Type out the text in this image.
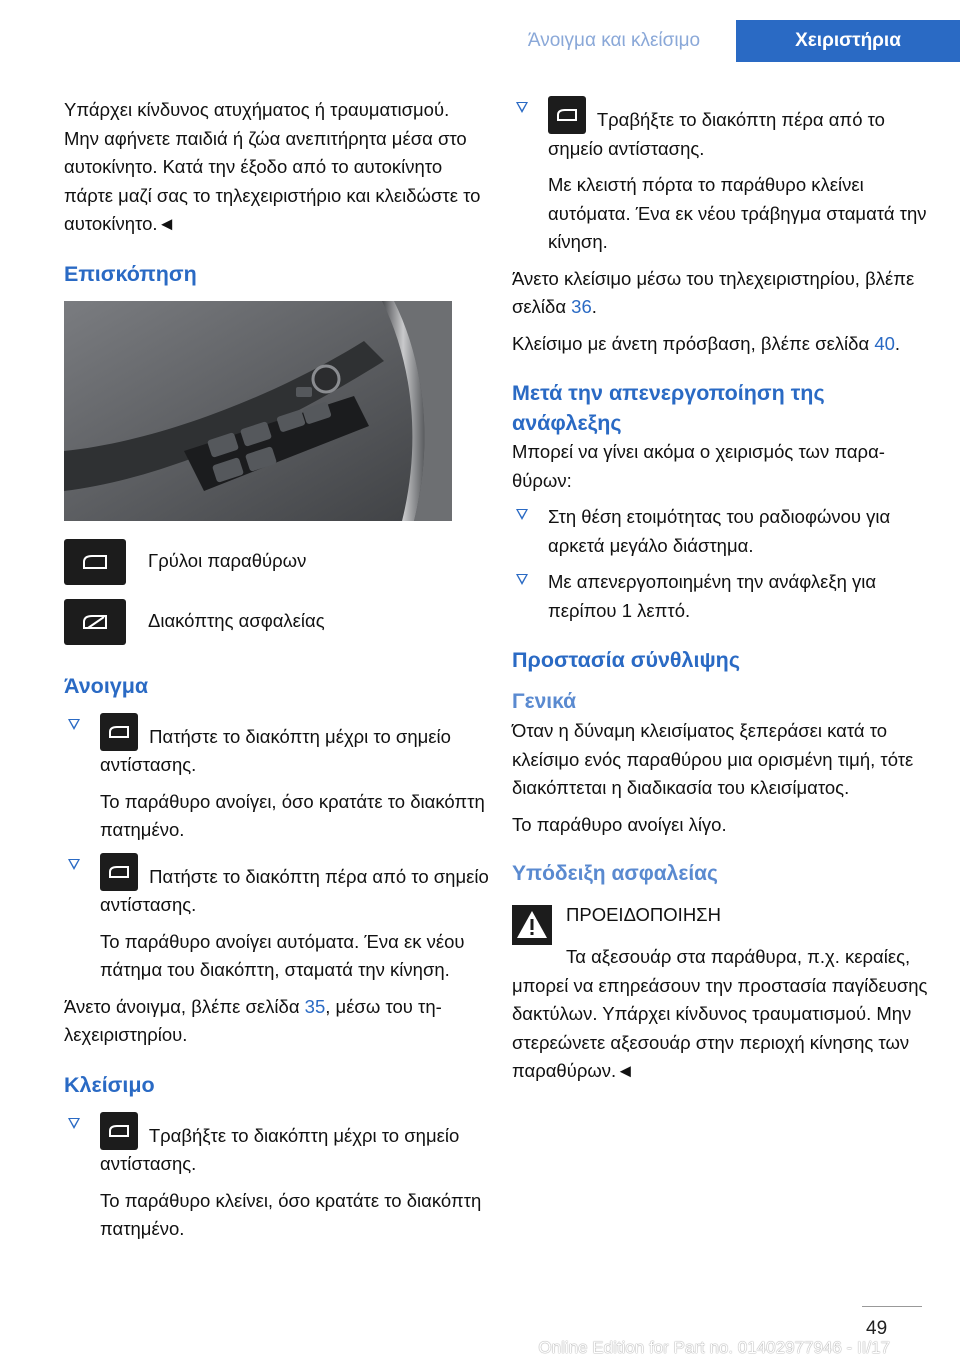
Άνοιγμα και κλείσιμο	Χειριστήρια

Υπάρχει κίνδυνος ατυχήματος ή τραυματισμού. Μην αφήνετε παιδιά ή ζώα ανεπιτήρητα μέσα στο αυτοκίνητο. Κατά την έξοδο από το αυτοκίνητο πάρτε μαζί σας το τηλεχειριστήριο και κλειδώστε το αυτοκίνητο.◄

Επισκόπηση
Γρύλοι παραθύρων
Διακόπτης ασφαλείας
Άνοιγμα

Πατήστε το διακόπτη μέχρι το σημείο αντίστασης.

Το παράθυρο ανοίγει, όσο κρατάτε το διακόπτη πατημένο.

Πατήστε το διακόπτη πέρα από το σημείο αντίστασης.

Το παράθυρο ανοίγει αυτόματα. Ένα εκ νέου πάτημα του διακόπτη, σταματά την κίνηση.

Άνετο άνοιγμα, βλέπε σελίδα 35, μέσω του τηλεχειριστηρίου.

Κλείσιμο

Τραβήξτε το διακόπτη μέχρι το σημείο αντίστασης.

Το παράθυρο κλείνει, όσο κρατάτε το διακόπτη πατημένο.

Τραβήξτε το διακόπτη πέρα από το σημείο αντίστασης.

Με κλειστή πόρτα το παράθυρο κλείνει αυτόματα. Ένα εκ νέου τράβηγμα σταματά την κίνηση.

Άνετο κλείσιμο μέσω του τηλεχειριστηρίου, βλέπε σελίδα 36.

Κλείσιμο με άνετη πρόσβαση, βλέπε σελίδα 40.

Μετά την απενεργοποίηση της ανάφλεξης

Μπορεί να γίνει ακόμα ο χειρισμός των παραθύρων:

Στη θέση ετοιμότητας του ραδιοφώνου για αρκετά μεγάλο διάστημα.

Με απενεργοποιημένη την ανάφλεξη για περίπου 1 λεπτό.

Προστασία σύνθλιψης
Γενικά

Όταν η δύναμη κλεισίματος ξεπεράσει κατά το κλείσιμο ενός παραθύρου μια ορισμένη τιμή, τότε διακόπτεται η διαδικασία του κλεισίματος.

Το παράθυρο ανοίγει λίγο.

Υπόδειξη ασφαλείας
ΠΡΟΕΙΔΟΠΟΙΗΣΗ

Τα αξεσουάρ στα παράθυρα, π.χ. κεραίες, μπορεί να επηρεάσουν την προστασία παγίδευσης δακτύλων. Υπάρχει κίνδυνος τραυματισμού. Μην στερεώνετε αξεσουάρ στην περιοχή κίνησης των παραθύρων.◄

49
Online Edition for Part no. 01402977946 - II/17
